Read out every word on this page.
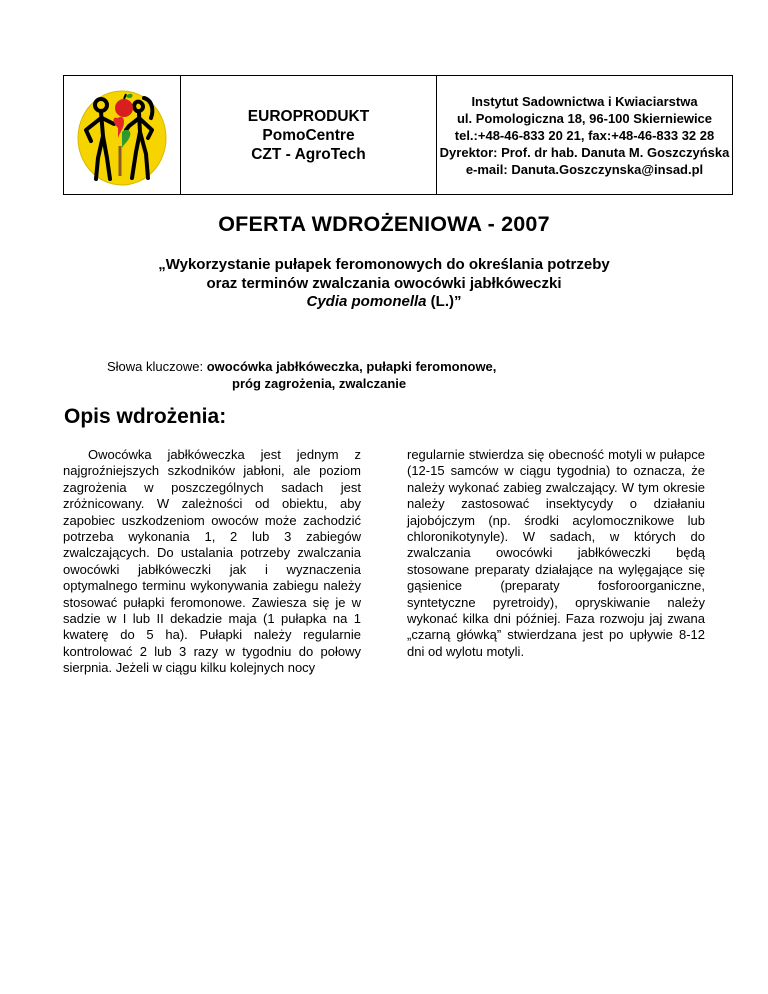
EUROPRODUKT
PomoCentre
CZT - AgroTech
Instytut Sadownictwa i Kwiaciarstwa
ul. Pomologiczna 18, 96-100 Skierniewice
tel.:+48-46-833 20 21, fax:+48-46-833 32 28
Dyrektor: Prof. dr hab. Danuta M. Goszczyńska
e-mail: Danuta.Goszczynska@insad.pl
OFERTA WDROŻENIOWA - 2007
„Wykorzystanie pułapek feromonowych do określania potrzeby
oraz terminów zwalczania owocówki jabłkóweczki
Cydia pomonella (L.)”
Słowa kluczowe: owocówka jabłkóweczka, pułapki feromonowe,
próg zagrożenia, zwalczanie
Opis wdrożenia:

Owocówka jabłkóweczka jest jednym z najgroźniejszych szkodników jabłoni, ale poziom zagrożenia w poszczególnych sadach jest zróżnicowany. W zależności od obiektu, aby zapobiec uszkodzeniom owoców może zachodzić potrzeba wykonania 1, 2 lub 3 zabiegów zwalczających. Do ustalania potrzeby zwalczania owocówki jabłkóweczki jak i wyznaczenia optymalnego terminu wykonywania zabiegu należy stosować pułapki feromonowe. Zawiesza się je w sadzie w I lub II dekadzie maja (1 pułapka na 1 kwaterę do 5 ha). Pułapki należy regularnie kontrolować 2 lub 3 razy w tygodniu do połowy sierpnia. Jeżeli w ciągu kilku kolejnych nocy

regularnie stwierdza się obecność motyli w pułapce (12-15 samców w ciągu tygodnia) to oznacza, że należy wykonać zabieg zwalczający. W tym okresie należy zastosować insektycydy o działaniu jajobójczym (np. środki acylomocznikowe lub chloronikotynyle). W sadach, w których do zwalczania owocówki jabłkóweczki będą stosowane preparaty działające na wylęgające się gąsienice (preparaty fosforoorganiczne, syntetyczne pyretroidy), opryskiwanie należy wykonać kilka dni później. Faza rozwoju jaj zwana „czarną główką” stwierdzana jest po upływie 8-12 dni od wylotu motyli.
